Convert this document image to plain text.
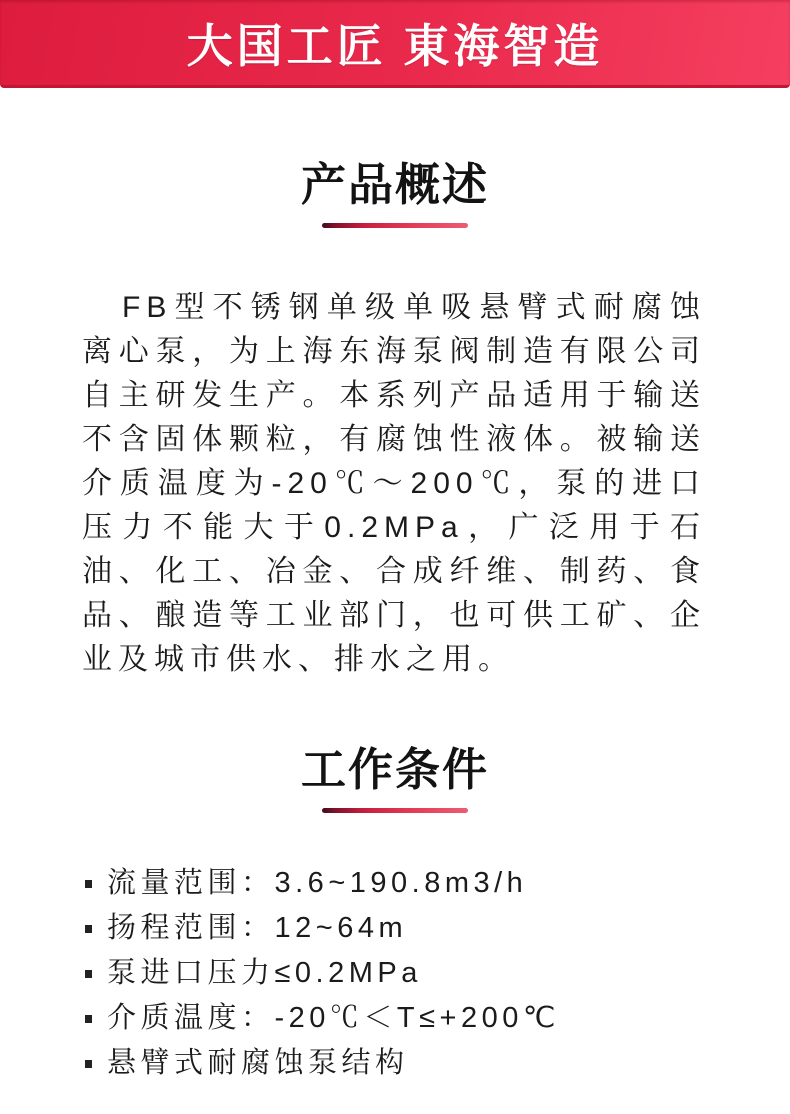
大国工匠 東海智造
产品概述

FB型不锈钢单级单吸悬臂式耐腐蚀离心泵，为上海东海泵阀制造有限公司自主研发生产。本系列产品适用于输送不含固体颗粒，有腐蚀性液体。被输送介质温度为-20℃～200℃，泵的进口压力不能大于0.2MPa，广泛用于石油、化工、冶金、合成纤维、制药、食品、酿造等工业部门，也可供工矿、企业及城市供水、排水之用。

工作条件
流量范围：3.6~190.8m3/h
扬程范围：12~64m
泵进口压力≤0.2MPa
介质温度：-20℃＜T≤+200℃
悬臂式耐腐蚀泵结构
